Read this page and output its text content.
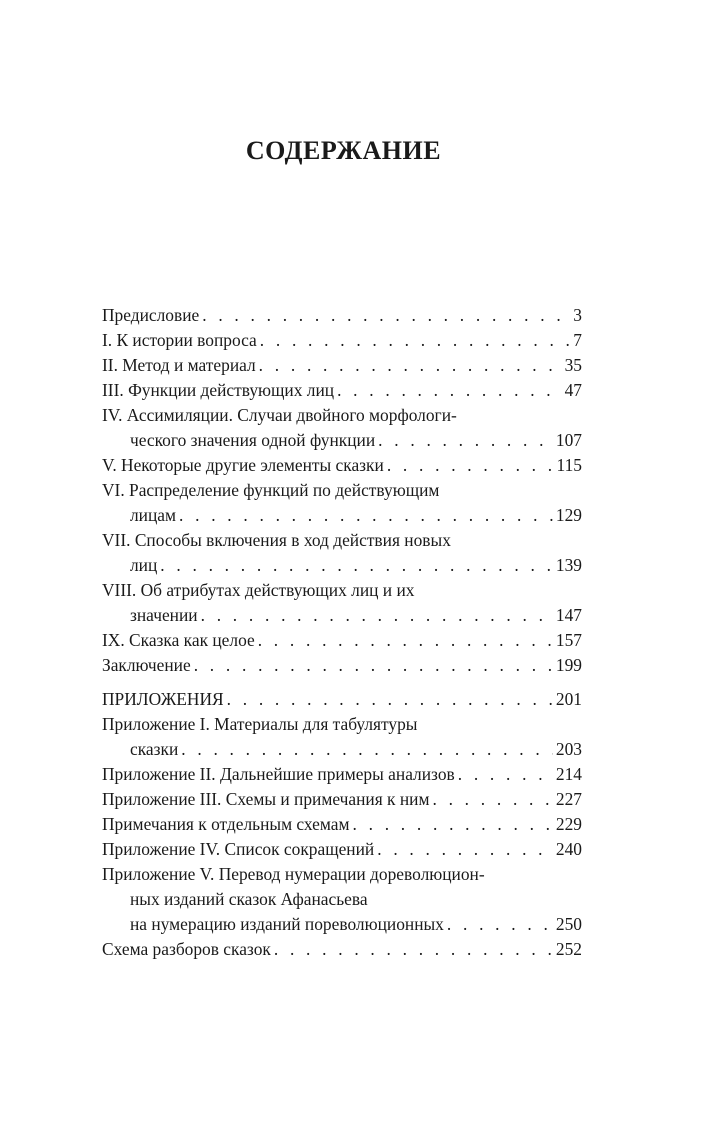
СОДЕРЖАНИЕ
Предисловие . . .	3
I. К истории вопроса . . .	7
II. Метод и материал . . .	35
III. Функции действующих лиц . . .	47
IV. Ассимиляции. Случаи двойного морфологи-
ческого значения одной функции . . .	107
V. Некоторые другие элементы сказки . . .	115
VI. Распределение функций по действующим
лицам . . .	129
VII. Способы включения в ход действия новых
лиц . . .	139
VIII. Об атрибутах действующих лиц и их
значении . . .	147
IX. Сказка как целое . . .	157
Заключение . . .	199
ПРИЛОЖЕНИЯ . . .	201
Приложение I. Материалы для табулятуры
сказки . . .	203
Приложение II. Дальнейшие примеры анализов . . .	214
Приложение III. Схемы и примечания к ним . . .	227
Примечания к отдельным схемам . . .	229
Приложение IV. Список сокращений . . .	240
Приложение V. Перевод нумерации дореволюцион-
ных изданий сказок Афанасьева
на нумерацию изданий пореволюционных . . .	250
Схема разборов сказок . . .	252
